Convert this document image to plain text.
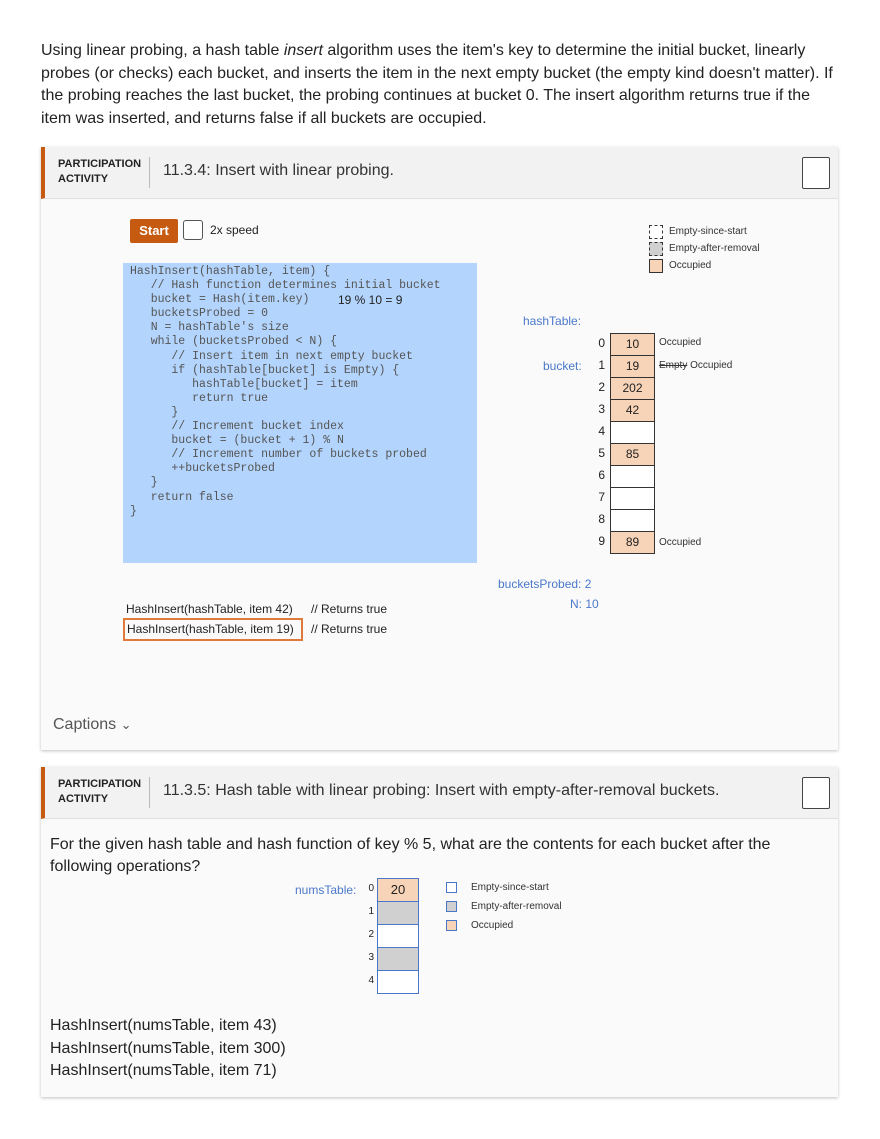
Using linear probing, a hash table insert algorithm uses the item's key to determine the initial bucket, linearly probes (or checks) each bucket, and inserts the item in the next empty bucket (the empty kind doesn't matter). If the probing reaches the last bucket, the probing continues at bucket 0. The insert algorithm returns true if the item was inserted, and returns false if all buckets are occupied.
PARTICIPATION
ACTIVITY	11.3.4: Insert with linear probing.
Start	2x speed
HashInsert(hashTable, item) {
// Hash function determines initial bucket
bucket = Hash(item.key)
bucketsProbed = 0
N = hashTable's size
while (bucketsProbed < N) {
// Insert item in next empty bucket
if (hashTable[bucket] is Empty) {
hashTable[bucket] = item
return true
}
// Increment bucket index
bucket = (bucket + 1) % N
// Increment number of buckets probed
++bucketsProbed
}
return false
}
19 % 10 = 9
hashTable:
bucket:
Occupied
Empty Occupied
Occupied
bucketsProbed: 2
N: 10
HashInsert(hashTable, item 42) // Returns true
HashInsert(hashTable, item 19)	// Returns true
Captions ⌄
PARTICIPATION
ACTIVITY	11.3.5: Hash table with linear probing: Insert with empty-after-removal buckets.
For the given hash table and hash function of key % 5, what are the contents for each bucket after the following operations?
HashInsert(numsTable, item 43)
HashInsert(numsTable, item 300)
HashInsert(numsTable, item 71)
numsTable:
0	10
1	19
2	202
3	42
4
5	85
6
7
8
9	89
Empty-since-start
Empty-after-removal
Occupied
0	20
1
2
3
4
Empty-since-start
Empty-after-removal
Occupied
